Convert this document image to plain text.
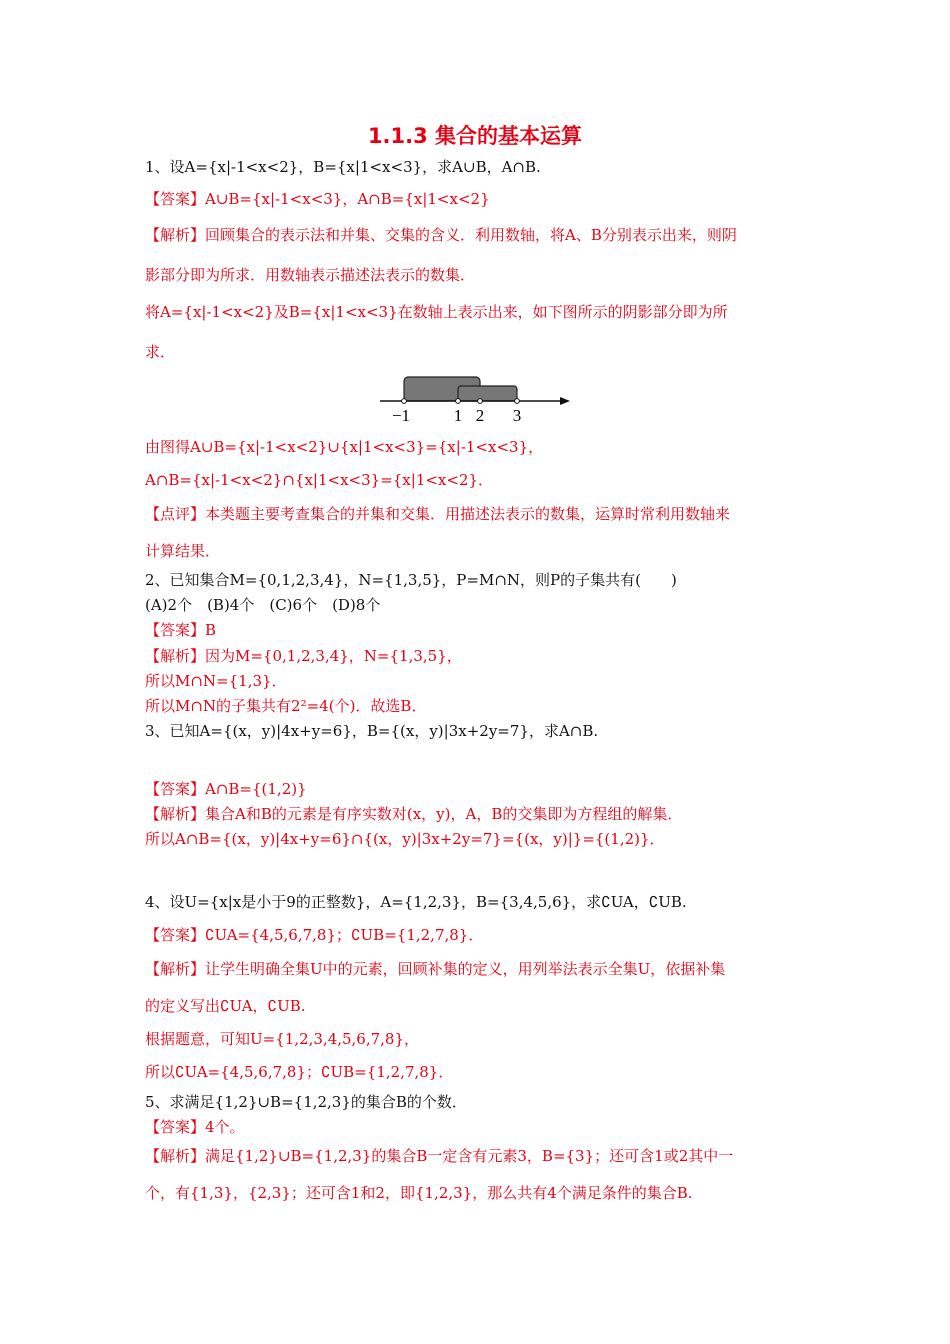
1.1.3 集合的基本运算
1、设A={x|-1<x<2}，B={x|1<x<3}，求A∪B，A∩B.
【答案】A∪B={x|-1<x<3}，A∩B={x|1<x<2}
【解析】回顾集合的表示法和并集、交集的含义．利用数轴，将A、B分别表示出来，则阴
影部分即为所求．用数轴表示描述法表示的数集．
将A={x|-1<x<2}及B={x|1<x<3}在数轴上表示出来，如下图所示的阴影部分即为所
求．
由图得A∪B={x|-1<x<2}∪{x|1<x<3}={x|-1<x<3}，
A∩B={x|-1<x<2}∩{x|1<x<3}={x|1<x<2}．
【点评】本类题主要考查集合的并集和交集．用描述法表示的数集，运算时常利用数轴来
计算结果．
2、已知集合M={0,1,2,3,4}，N={1,3,5}，P=M∩N，则P的子集共有(　　)
(A)2个　(B)4个　(C)6个　(D)8个
【答案】B
【解析】因为M={0,1,2,3,4}，N={1,3,5}，
所以M∩N={1,3}．
所以M∩N的子集共有2²=4(个)．故选B．
3、已知A={(x，y)|4x+y=6}，B={(x，y)|3x+2y=7}，求A∩B.
【答案】A∩B={(1,2)}
【解析】集合A和B的元素是有序实数对(x，y)，A，B的交集即为方程组的解集．
所以A∩B={(x，y)|4x+y=6}∩{(x，y)|3x+2y=7}={(x，y)|}={(1,2)}．
4、设U={x|x是小于9的正整数}，A={1,2,3}，B={3,4,5,6}，求∁UA，∁UB.
【答案】∁UA={4,5,6,7,8}；∁UB={1,2,7,8}．
【解析】让学生明确全集U中的元素，回顾补集的定义，用列举法表示全集U，依据补集
的定义写出∁UA，∁UB.
根据题意，可知U={1,2,3,4,5,6,7,8}，
所以∁UA={4,5,6,7,8}；∁UB={1,2,7,8}．
5、求满足{1,2}∪B={1,2,3}的集合B的个数．
【答案】4个。
【解析】满足{1,2}∪B={1,2,3}的集合B一定含有元素3，B={3}；还可含1或2其中一
个，有{1,3}，{2,3}；还可含1和2，即{1,2,3}，那么共有4个满足条件的集合B.
−1	1 2 3
